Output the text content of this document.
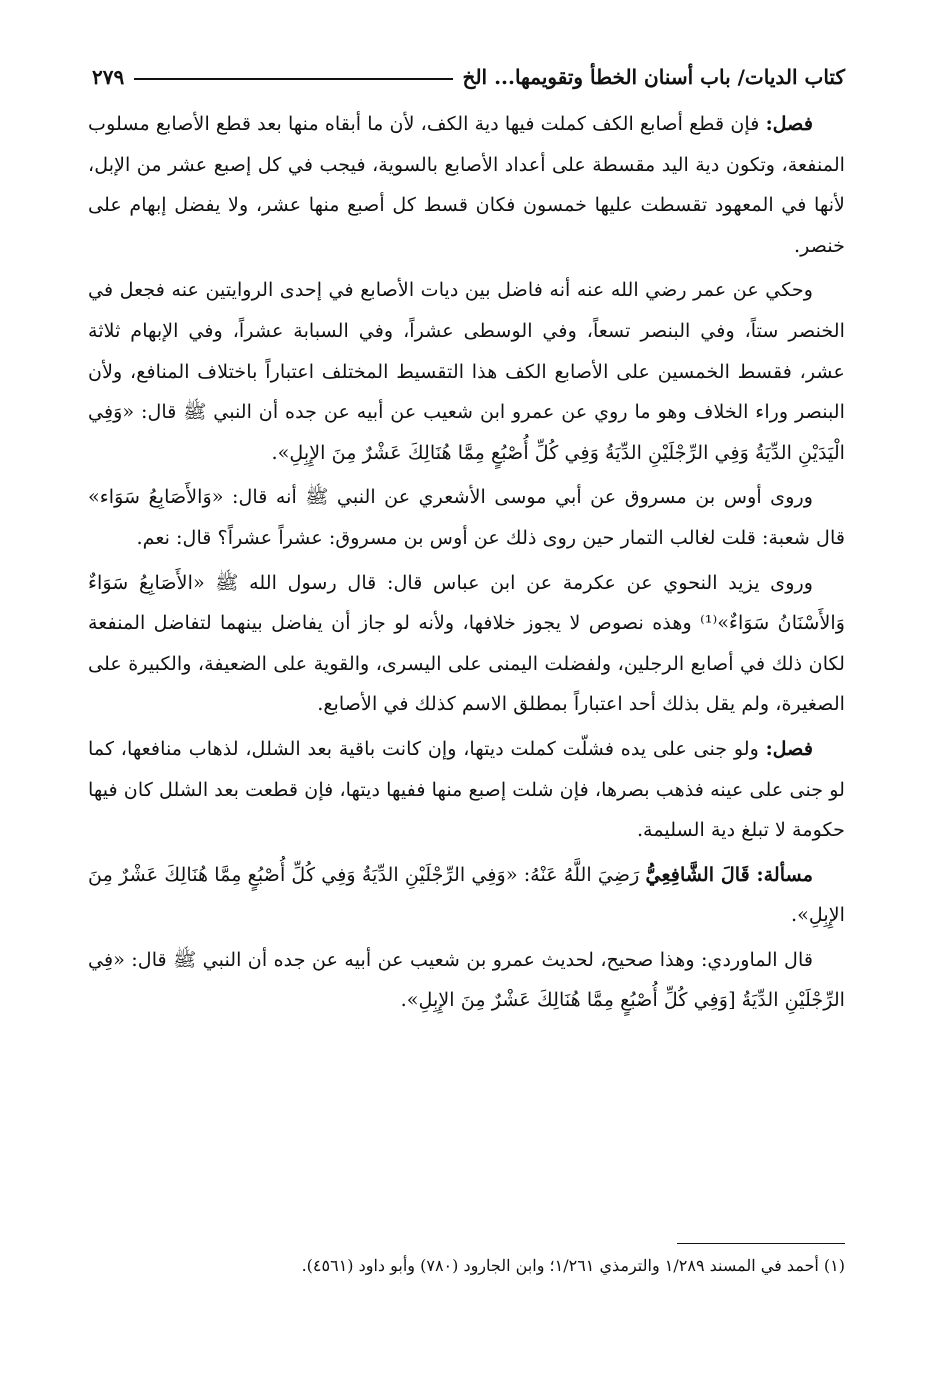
كتاب الديات/ باب أسنان الخطأ وتقويمها... الخ
٢٧٩

فصل: فإن قطع أصابع الكف كملت فيها دية الكف، لأن ما أبقاه منها بعد قطع الأصابع مسلوب المنفعة، وتكون دية اليد مقسطة على أعداد الأصابع بالسوية، فيجب في كل إصبع عشر من الإبل، لأنها في المعهود تقسطت عليها خمسون فكان قسط كل أصبع منها عشر، ولا يفضل إبهام على خنصر.

وحكي عن عمر رضي الله عنه أنه فاضل بين ديات الأصابع في إحدى الروايتين عنه فجعل في الخنصر ستاً، وفي البنصر تسعاً، وفي الوسطى عشراً، وفي السبابة عشراً، وفي الإبهام ثلاثة عشر، فقسط الخمسين على الأصابع الكف هذا التقسيط المختلف اعتباراً باختلاف المنافع، ولأن البنصر وراء الخلاف وهو ما روي عن عمرو ابن شعيب عن أبيه عن جده أن النبي ﷺ قال: «وَفِي الْيَدَيْنِ الدِّيَةُ وَفِي الرِّجْلَيْنِ الدِّيَةُ وَفِي كُلِّ أُصْبُعٍ مِمَّا هُنَالِكَ عَشْرٌ مِنَ الإِبِلِ».

وروى أوس بن مسروق عن أبي موسى الأشعري عن النبي ﷺ أنه قال: «وَالأَصَابِعُ سَوَاء» قال شعبة: قلت لغالب التمار حين روى ذلك عن أوس بن مسروق: عشراً عشراً؟ قال: نعم.

وروى يزيد النحوي عن عكرمة عن ابن عباس قال: قال رسول الله ﷺ «الأَصَابِعُ سَوَاءٌ وَالأَسْنَانُ سَوَاءٌ»⁽¹⁾ وهذه نصوص لا يجوز خلافها، ولأنه لو جاز أن يفاضل بينهما لتفاضل المنفعة لكان ذلك في أصابع الرجلين، ولفضلت اليمنى على اليسرى، والقوية على الضعيفة، والكبيرة على الصغيرة، ولم يقل بذلك أحد اعتباراً بمطلق الاسم كذلك في الأصابع.

فصل: ولو جنى على يده فشلّت كملت ديتها، وإن كانت باقية بعد الشلل، لذهاب منافعها، كما لو جنى على عينه فذهب بصرها، فإن شلت إصبع منها ففيها ديتها، فإن قطعت بعد الشلل كان فيها حكومة لا تبلغ دية السليمة.

مسألة: قَالَ الشَّافِعِيُّ رَضِيَ اللَّهُ عَنْهُ: «وَفِي الرِّجْلَيْنِ الدِّيَةُ وَفِي كُلِّ أُصْبُعٍ مِمَّا هُنَالِكَ عَشْرٌ مِنَ الإِبِلِ».

قال الماوردي: وهذا صحيح، لحديث عمرو بن شعيب عن أبيه عن جده أن النبي ﷺ قال: «فِي الرِّجْلَيْنِ الدِّيَةُ [وَفِي كُلِّ أُصْبُعٍ مِمَّا هُنَالِكَ عَشْرٌ مِنَ الإِبِلِ».

(١) أحمد في المسند ١/٢٨٩ والترمذي ١/٢٦١؛ وابن الجارود (٧٨٠) وأبو داود (٤٥٦١).
